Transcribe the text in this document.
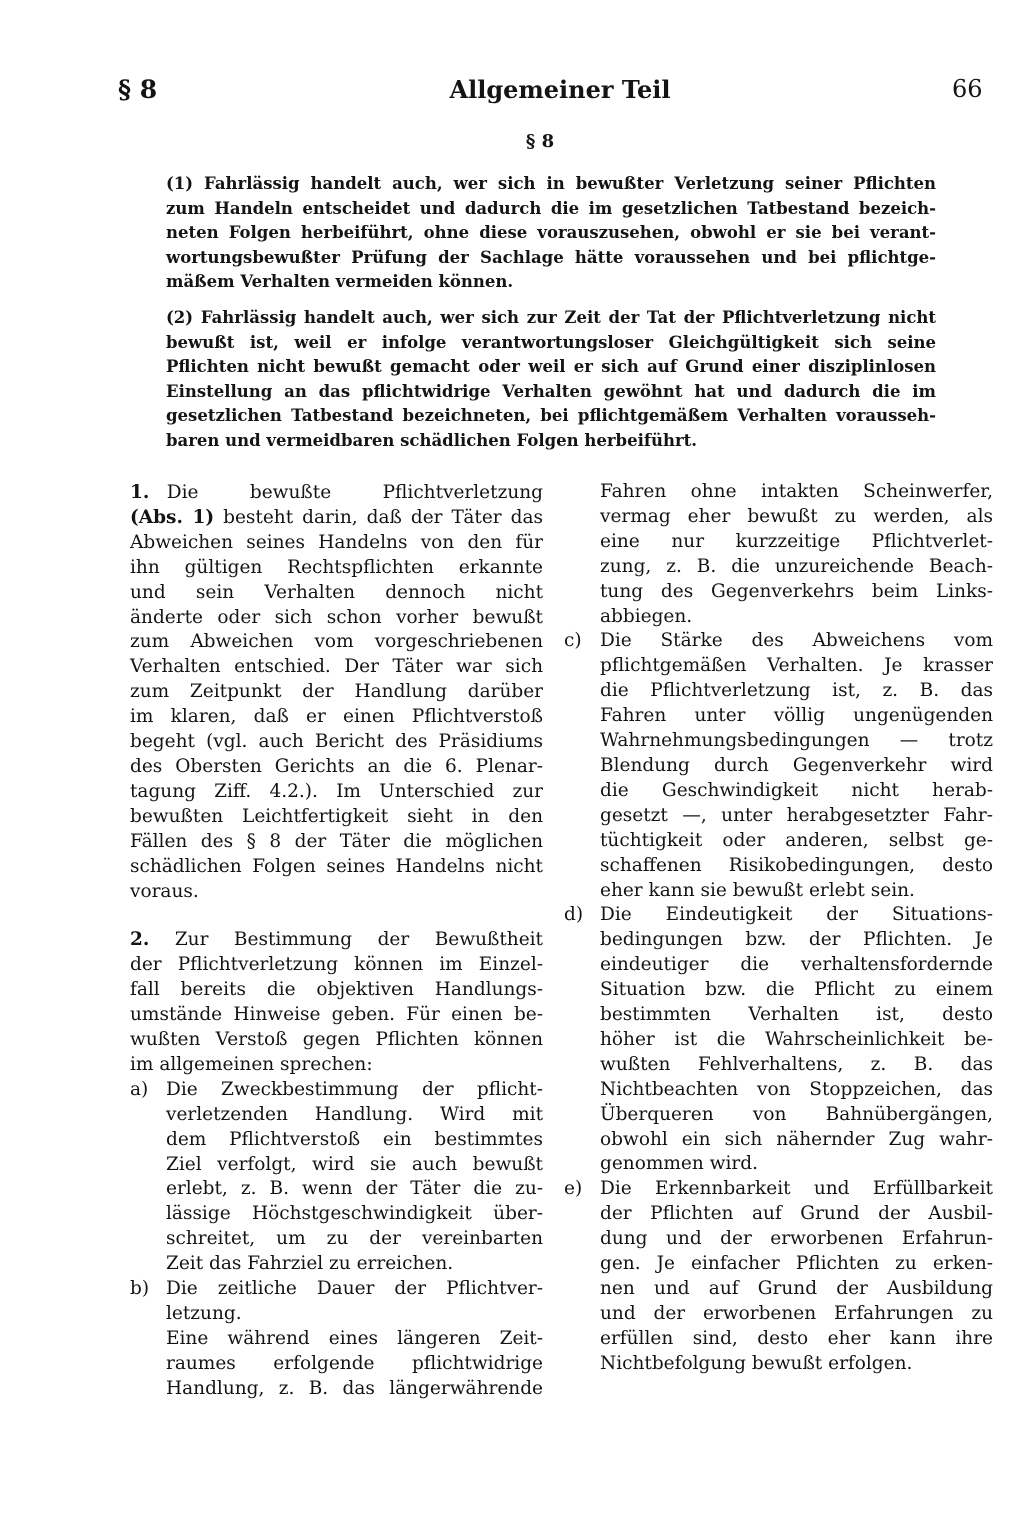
§ 8	Allgemeiner Teil	66
§ 8
(1) Fahrlässig handelt auch, wer sich in bewußter Verletzung seiner Pflichten
zum Handeln entscheidet und dadurch die im gesetzlichen Tatbestand bezeich-
neten Folgen herbeiführt, ohne diese vorauszusehen, obwohl er sie bei verant-
wortungsbewußter Prüfung der Sachlage hätte voraussehen und bei pflichtge-
mäßem Verhalten vermeiden können.
(2) Fahrlässig handelt auch, wer sich zur Zeit der Tat der Pflichtverletzung nicht
bewußt ist, weil er infolge verantwortungsloser Gleichgültigkeit sich seine
Pflichten nicht bewußt gemacht oder weil er sich auf Grund einer disziplinlosen
Einstellung an das pflichtwidrige Verhalten gewöhnt hat und dadurch die im
gesetzlichen Tatbestand bezeichneten, bei pflichtgemäßem Verhalten vorausseh-
baren und vermeidbaren schädlichen Folgen herbeiführt.
1. Die bewußte Pflichtverletzung
(Abs. 1) besteht darin, daß der Täter das
Abweichen seines Handelns von den für
ihn gültigen Rechtspflichten erkannte
und sein Verhalten dennoch nicht
änderte oder sich schon vorher bewußt
zum Abweichen vom vorgeschriebenen
Verhalten entschied. Der Täter war sich
zum Zeitpunkt der Handlung darüber
im klaren, daß er einen Pflichtverstoß
begeht (vgl. auch Bericht des Präsidiums
des Obersten Gerichts an die 6. Plenar-
tagung Ziff. 4.2.). Im Unterschied zur
bewußten Leichtfertigkeit sieht in den
Fällen des § 8 der Täter die möglichen
schädlichen Folgen seines Handelns nicht
voraus.
2. Zur Bestimmung der Bewußtheit
der Pflichtverletzung können im Einzel-
fall bereits die objektiven Handlungs-
umstände Hinweise geben. Für einen be-
wußten Verstoß gegen Pflichten können
im allgemeinen sprechen:
a) Die Zweckbestimmung der pflicht-
verletzenden Handlung. Wird mit
dem Pflichtverstoß ein bestimmtes
Ziel verfolgt, wird sie auch bewußt
erlebt, z. B. wenn der Täter die zu-
lässige Höchstgeschwindigkeit über-
schreitet, um zu der vereinbarten
Zeit das Fahrziel zu erreichen.
b) Die zeitliche Dauer der Pflichtver-
letzung.
Eine während eines längeren Zeit-
raumes erfolgende pflichtwidrige
Handlung, z. B. das längerwährende
Fahren ohne intakten Scheinwerfer,
vermag eher bewußt zu werden, als
eine nur kurzzeitige Pflichtverlet-
zung, z. B. die unzureichende Beach-
tung des Gegenverkehrs beim Links-
abbiegen.
c) Die Stärke des Abweichens vom
pflichtgemäßen Verhalten. Je krasser
die Pflichtverletzung ist, z. B. das
Fahren unter völlig ungenügenden
Wahrnehmungsbedingungen — trotz
Blendung durch Gegenverkehr wird
die Geschwindigkeit nicht herab-
gesetzt —, unter herabgesetzter Fahr-
tüchtigkeit oder anderen, selbst ge-
schaffenen Risikobedingungen, desto
eher kann sie bewußt erlebt sein.
d) Die Eindeutigkeit der Situations-
bedingungen bzw. der Pflichten. Je
eindeutiger die verhaltensfordernde
Situation bzw. die Pflicht zu einem
bestimmten Verhalten ist, desto
höher ist die Wahrscheinlichkeit be-
wußten Fehlverhaltens, z. B. das
Nichtbeachten von Stoppzeichen, das
Überqueren von Bahnübergängen,
obwohl ein sich nähernder Zug wahr-
genommen wird.
e) Die Erkennbarkeit und Erfüllbarkeit
der Pflichten auf Grund der Ausbil-
dung und der erworbenen Erfahrun-
gen. Je einfacher Pflichten zu erken-
nen und auf Grund der Ausbildung
und der erworbenen Erfahrungen zu
erfüllen sind, desto eher kann ihre
Nichtbefolgung bewußt erfolgen.
